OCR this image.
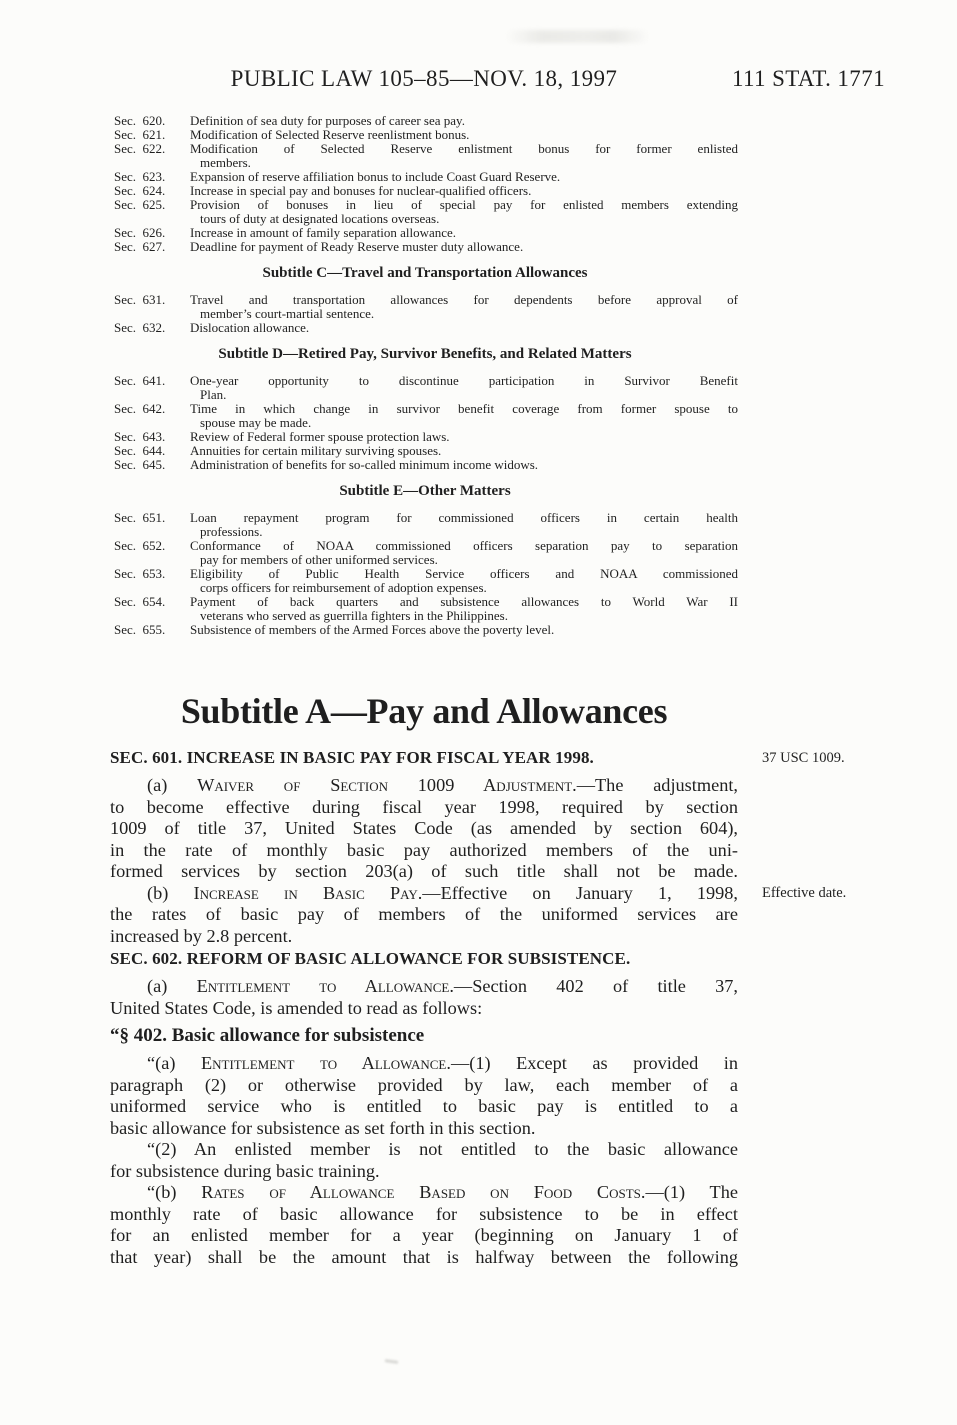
PUBLIC LAW 105–85—NOV. 18, 1997	111 STAT. 1771
Sec.  620.	Definition of sea duty for purposes of career sea pay.
Sec.  621.	Modification of Selected Reserve reenlistment bonus.
Sec.  622.	Modification of Selected Reserve enlistment bonus for former enlisted
members.
Sec.  623.	Expansion of reserve affiliation bonus to include Coast Guard Reserve.
Sec.  624.	Increase in special pay and bonuses for nuclear-qualified officers.
Sec.  625.	Provision of bonuses in lieu of special pay for enlisted members extending
tours of duty at designated locations overseas.
Sec.  626.	Increase in amount of family separation allowance.
Sec.  627.	Deadline for payment of Ready Reserve muster duty allowance.
Subtitle C—Travel and Transportation Allowances
Sec.  631.	Travel and transportation allowances for dependents before approval of
member’s court-martial sentence.
Sec.  632.	Dislocation allowance.
Subtitle D—Retired Pay, Survivor Benefits, and Related Matters
Sec.  641.	One-year opportunity to discontinue participation in Survivor Benefit
Plan.
Sec.  642.	Time in which change in survivor benefit coverage from former spouse to
spouse may be made.
Sec.  643.	Review of Federal former spouse protection laws.
Sec.  644.	Annuities for certain military surviving spouses.
Sec.  645.	Administration of benefits for so-called minimum income widows.
Subtitle E—Other Matters
Sec.  651.	Loan repayment program for commissioned officers in certain health
professions.
Sec.  652.	Conformance of NOAA commissioned officers separation pay to separation
pay for members of other uniformed services.
Sec.  653.	Eligibility of Public Health Service officers and NOAA commissioned
corps officers for reimbursement of adoption expenses.
Sec.  654.	Payment of back quarters and subsistence allowances to World War II
veterans who served as guerrilla fighters in the Philippines.
Sec.  655.	Subsistence of members of the Armed Forces above the poverty level.
Subtitle A—Pay and Allowances
SEC. 601. INCREASE IN BASIC PAY FOR FISCAL YEAR 1998.	37 USC 1009.
(a) Waiver of Section 1009 Adjustment.—The adjustment,
to become effective during fiscal year 1998, required by section
1009 of title 37, United States Code (as amended by section 604),
in the rate of monthly basic pay authorized members of the uni-
formed services by section 203(a) of such title shall not be made.
(b) Increase in Basic Pay.—Effective on January 1, 1998,
the rates of basic pay of members of the uniformed services are
increased by 2.8 percent.
Effective date.
SEC. 602. REFORM OF BASIC ALLOWANCE FOR SUBSISTENCE.
(a) Entitlement to Allowance.—Section 402 of title 37,
United States Code, is amended to read as follows:
“§ 402. Basic allowance for subsistence
“(a) Entitlement to Allowance.—(1) Except as provided in
paragraph (2) or otherwise provided by law, each member of a
uniformed service who is entitled to basic pay is entitled to a
basic allowance for subsistence as set forth in this section.
“(2) An enlisted member is not entitled to the basic allowance
for subsistence during basic training.
“(b) Rates of Allowance Based on Food Costs.—(1) The
monthly rate of basic allowance for subsistence to be in effect
for an enlisted member for a year (beginning on January 1 of
that year) shall be the amount that is halfway between the following
